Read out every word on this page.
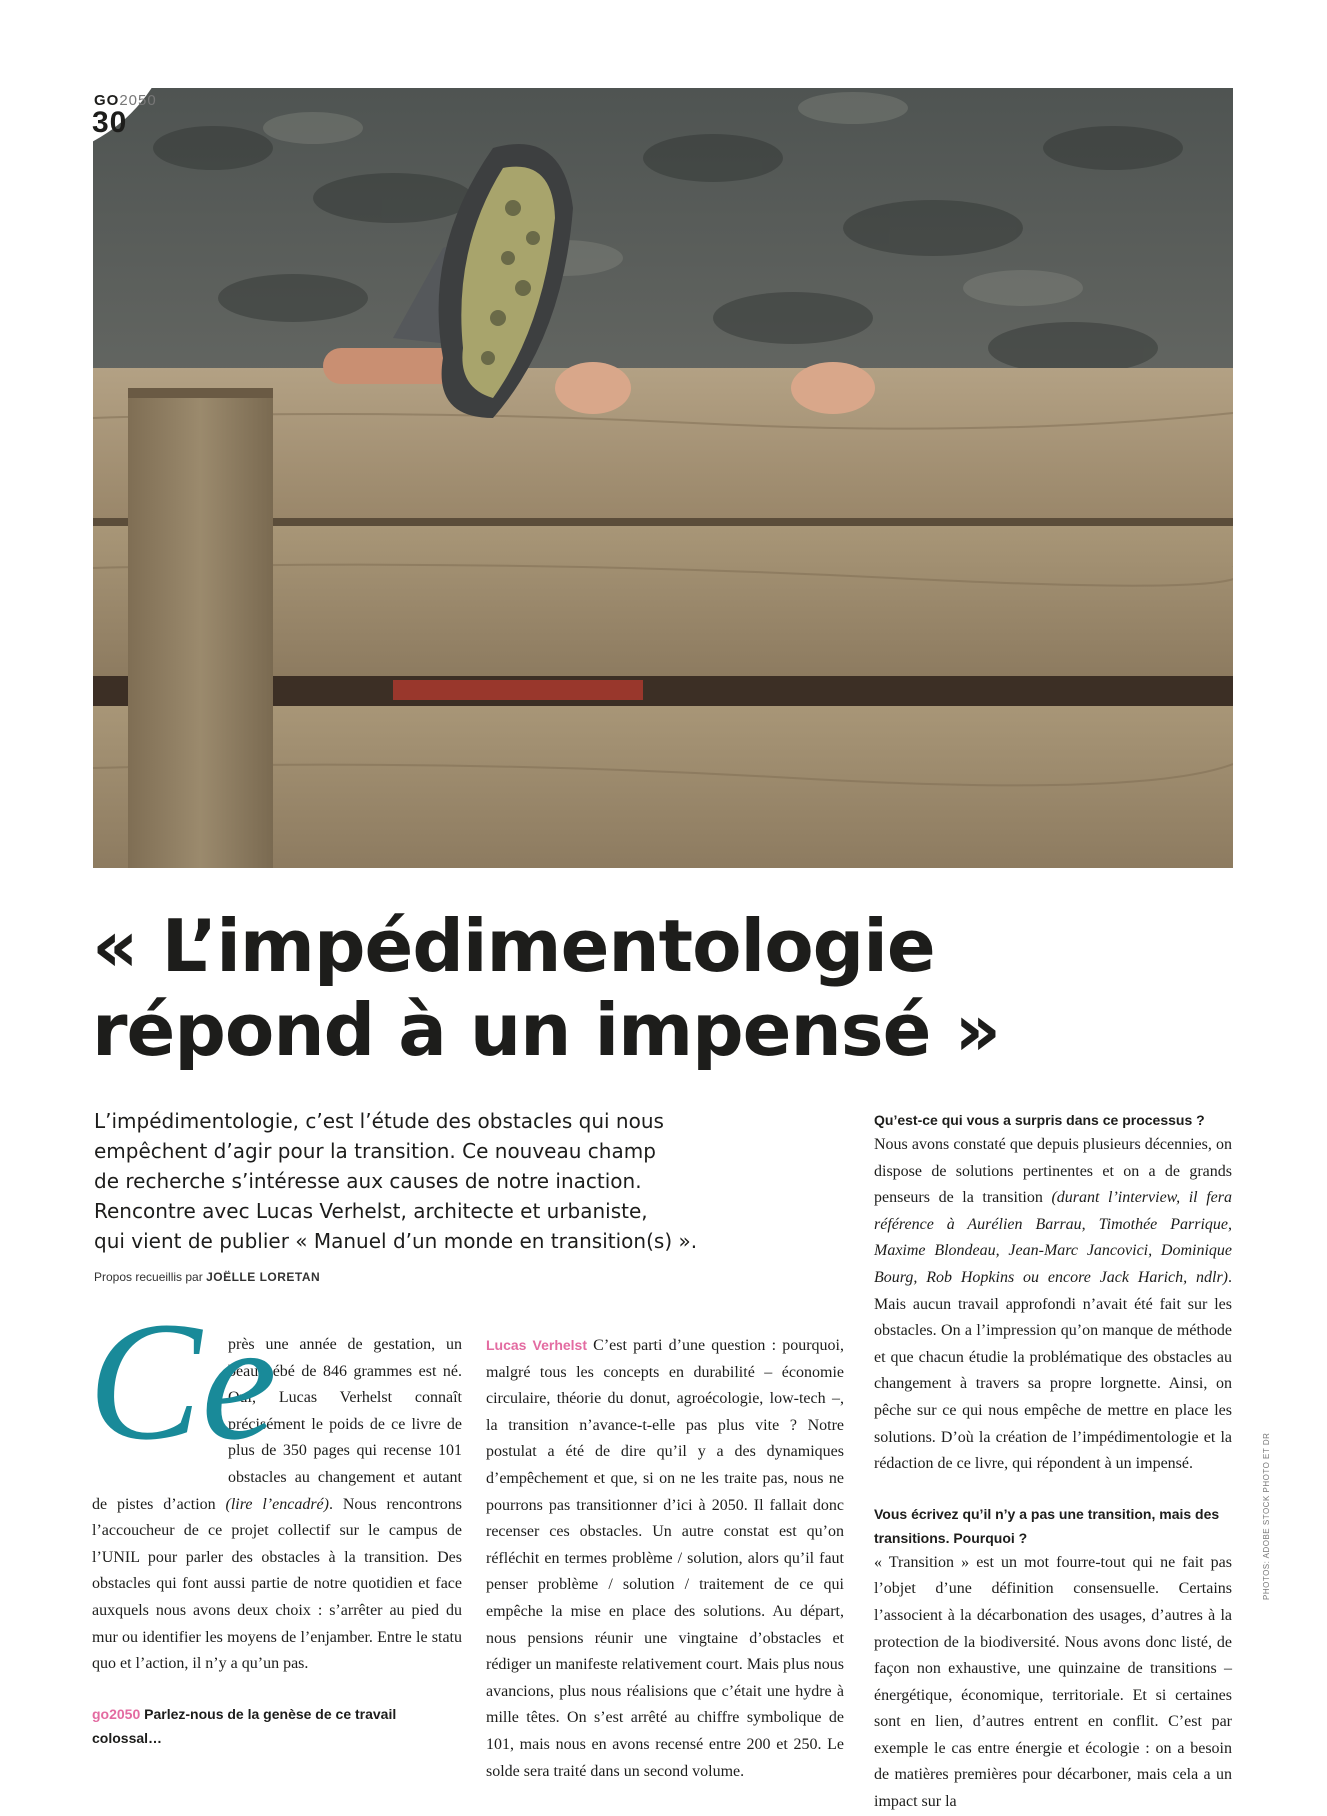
GO2050
30
« L’impédimentologie
répond à un impensé »
L’impédimentologie, c’est l’étude des obstacles qui nous
empêchent d’agir pour la transition. Ce nouveau champ
de recherche s’intéresse aux causes de notre inaction.
Rencontre avec Lucas Verhelst, architecte et urbaniste,
qui vient de publier « Manuel d’un monde en transition(s) ».
Propos recueillis par JOËLLE LORETAN
Ce

près une année de gestation, un beau bébé de 846 grammes est né. Oui, Lucas Verhelst connaît précisément le poids de ce livre de plus de 350 pages qui recense 101 obstacles au changement et autant de pistes d’action (lire l’encadré). Nous rencontrons l’accoucheur de ce projet collectif sur le campus de l’UNIL pour parler des obstacles à la transition. Des obstacles qui font aussi partie de notre quotidien et face auxquels nous avons deux choix : s’arrêter au pied du mur ou identifier les moyens de l’enjamber. Entre le statu quo et l’action, il n’y a qu’un pas.

go2050 Parlez-nous de la genèse de ce travail colossal…

Lucas Verhelst C’est parti d’une question : pourquoi, malgré tous les concepts en durabilité – économie circulaire, théorie du donut, agroécologie, low-tech –, la transition n’avance-t-elle pas plus vite ? Notre postulat a été de dire qu’il y a des dynamiques d’empêchement et que, si on ne les traite pas, nous ne pourrons pas transitionner d’ici à 2050. Il fallait donc recenser ces obstacles. Un autre constat est qu’on réfléchit en termes problème / solution, alors qu’il faut penser problème / solution / traitement de ce qui empêche la mise en place des solutions. Au départ, nous pensions réunir une vingtaine d’obstacles et rédiger un manifeste relativement court. Mais plus nous avancions, plus nous réalisions que c’était une hydre à mille têtes. On s’est arrêté au chiffre symbolique de 101, mais nous en avons recensé entre 200 et 250. Le solde sera traité dans un second volume.

Qu’est-ce qui vous a surpris dans ce processus ?

Nous avons constaté que depuis plusieurs décennies, on dispose de solutions pertinentes et on a de grands penseurs de la transition (durant l’interview, il fera référence à Aurélien Barrau, Timothée Parrique, Maxime Blondeau, Jean-Marc Jancovici, Dominique Bourg, Rob Hopkins ou encore Jack Harich, ndlr). Mais aucun travail approfondi n’avait été fait sur les obstacles. On a l’impression qu’on manque de méthode et que chacun étudie la problématique des obstacles au changement à travers sa propre lorgnette. Ainsi, on pêche sur ce qui nous empêche de mettre en place les solutions. D’où la création de l’impédimentologie et la rédaction de ce livre, qui répondent à un impensé.

Vous écrivez qu’il n’y a pas une transition, mais des transitions. Pourquoi ?

« Transition » est un mot fourre-tout qui ne fait pas l’objet d’une définition consensuelle. Certains l’associent à la décarbonation des usages, d’autres à la protection de la biodiversité. Nous avons donc listé, de façon non exhaustive, une quinzaine de transitions – énergétique, économique, territoriale. Et si certaines sont en lien, d’autres entrent en conflit. C’est par exemple le cas entre énergie et écologie : on a besoin de matières premières pour décarboner, mais cela a un impact sur la

PHOTOS: ADOBE STOCK PHOTO ET DR
